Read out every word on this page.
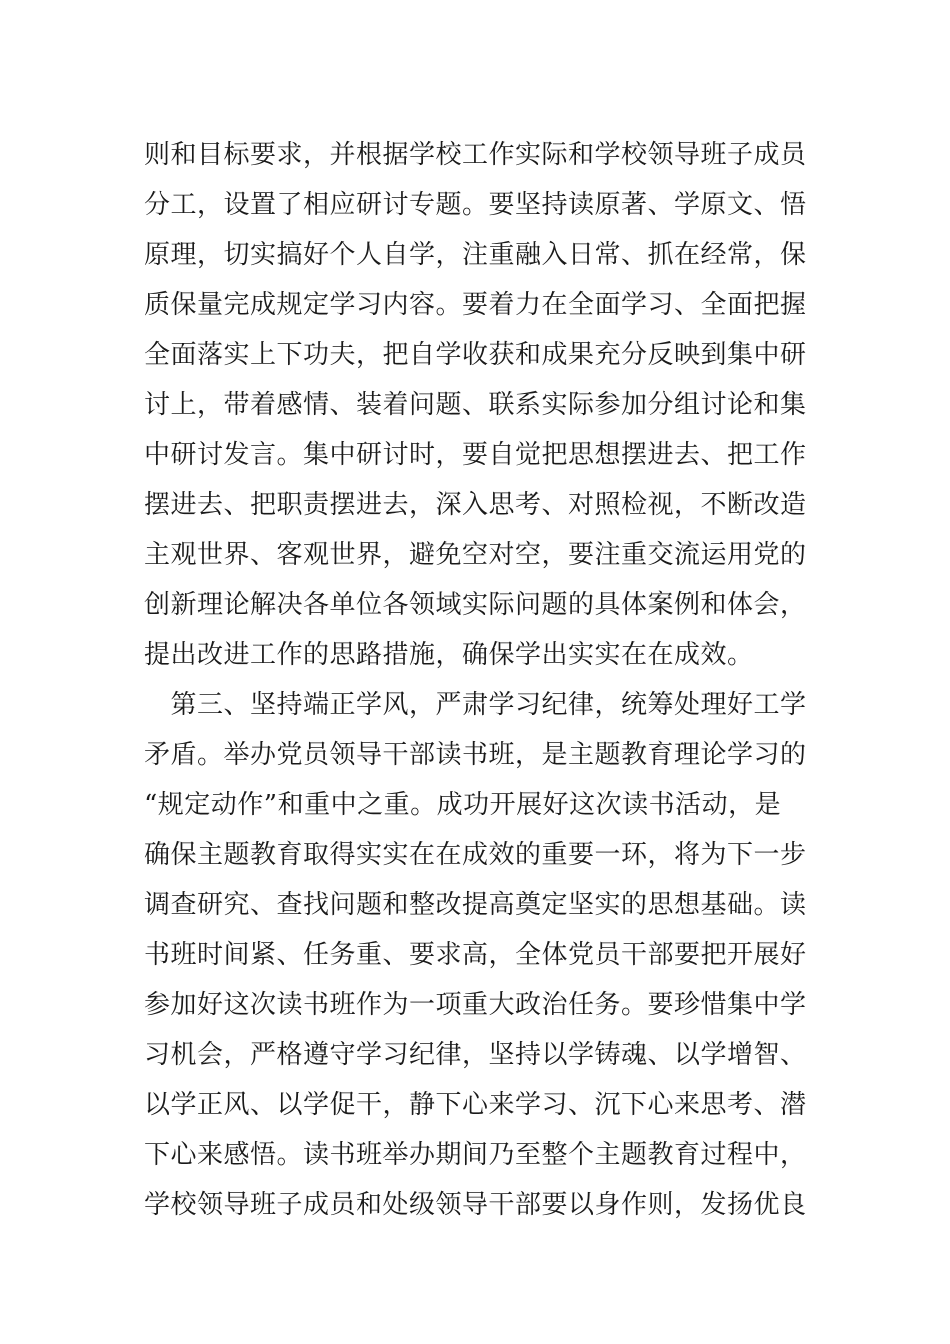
则和目标要求，并根据学校工作实际和学校领导班子成员
分工，设置了相应研讨专题。要坚持读原著、学原文、悟
原理，切实搞好个人自学，注重融入日常、抓在经常，保
质保量完成规定学习内容。要着力在全面学习、全面把握
全面落实上下功夫，把自学收获和成果充分反映到集中研
讨上，带着感情、装着问题、联系实际参加分组讨论和集
中研讨发言。集中研讨时，要自觉把思想摆进去、把工作
摆进去、把职责摆进去，深入思考、对照检视，不断改造
主观世界、客观世界，避免空对空，要注重交流运用党的
创新理论解决各单位各领域实际问题的具体案例和体会，
提出改进工作的思路措施，确保学出实实在在成效。
　第三、坚持端正学风，严肃学习纪律，统筹处理好工学
矛盾。举办党员领导干部读书班，是主题教育理论学习的
“规定动作”和重中之重。成功开展好这次读书活动，是
确保主题教育取得实实在在成效的重要一环，将为下一步
调查研究、查找问题和整改提高奠定坚实的思想基础。读
书班时间紧、任务重、要求高，全体党员干部要把开展好
参加好这次读书班作为一项重大政治任务。要珍惜集中学
习机会，严格遵守学习纪律，坚持以学铸魂、以学增智、
以学正风、以学促干，静下心来学习、沉下心来思考、潜
下心来感悟。读书班举办期间乃至整个主题教育过程中，
学校领导班子成员和处级领导干部要以身作则，发扬优良
